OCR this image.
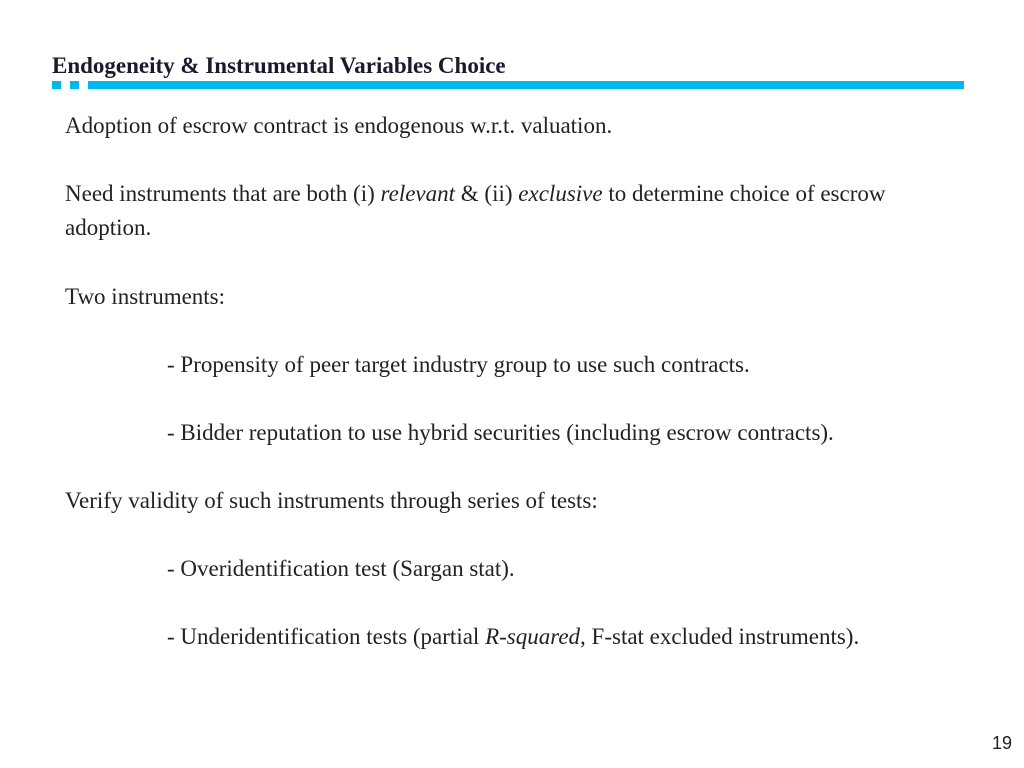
Endogeneity & Instrumental Variables Choice
Adoption of escrow contract is endogenous w.r.t. valuation.
Need instruments that are both (i) relevant & (ii) exclusive to determine choice of escrow adoption.
Two instruments:
- Propensity of peer target industry group to use such contracts.
- Bidder reputation to use hybrid securities (including escrow contracts).
Verify validity of such instruments through series of tests:
- Overidentification test (Sargan stat).
- Underidentification tests (partial R-squared, F-stat excluded instruments).
19
